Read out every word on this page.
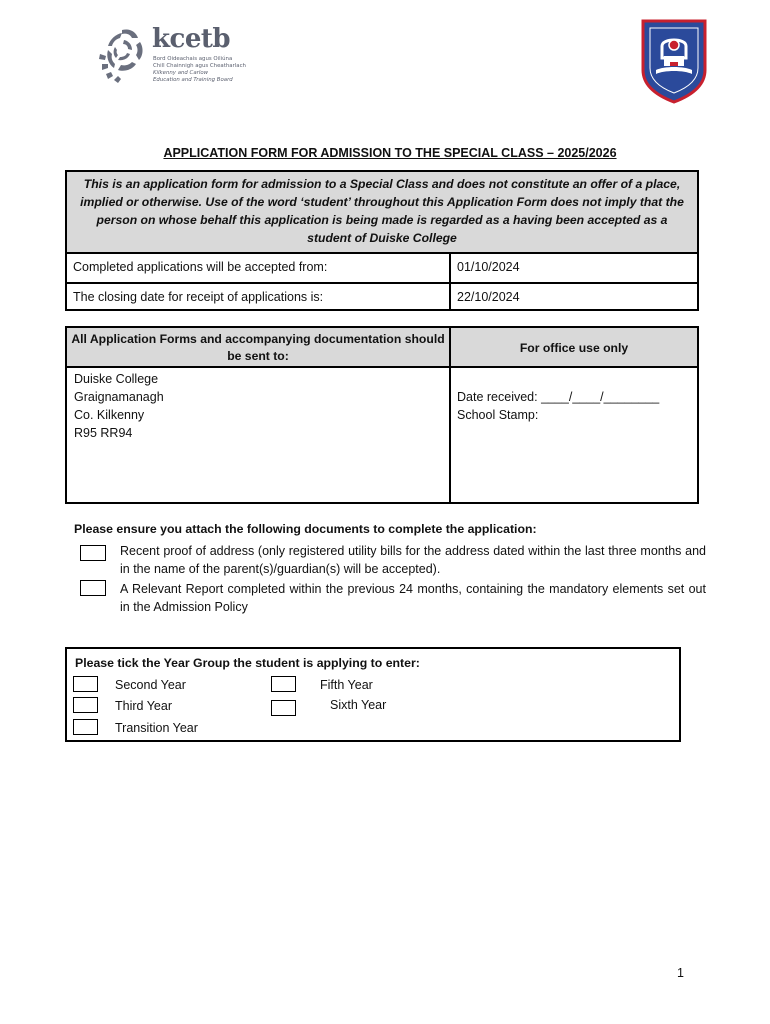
kcetb
Bord Oideachais agus Oiliúna
Chill Chainnigh agus Cheatharlach
Kilkenny and Carlow
Education and Training Board
APPLICATION FORM FOR ADMISSION TO THE SPECIAL CLASS – 2025/2026
This is an application form for admission to a Special Class and does not constitute an offer of a place, implied or otherwise. Use of the word ‘student’ throughout this Application Form does not imply that the person on whose behalf this application is being made is regarded as a having been accepted as a student of Duiske College
Completed applications will be accepted from:	01/10/2024
The closing date for receipt of applications is:	22/10/2024
All Application Forms and accompanying documentation should be sent to:
For office use only
Duiske College
Graignamanagh
Co. Kilkenny
R95 RR94
Date received: ____/____/________
School Stamp:
Please ensure you attach the following documents to complete the application:
Recent proof of address (only registered utility bills for the address dated within the last three months and in the name of the parent(s)/guardian(s) will be accepted).
A Relevant Report completed within the previous 24 months, containing the mandatory elements set out in the Admission Policy
Please tick the Year Group the student is applying to enter:
Second Year
Third Year
Transition Year
Fifth Year
Sixth Year
1
